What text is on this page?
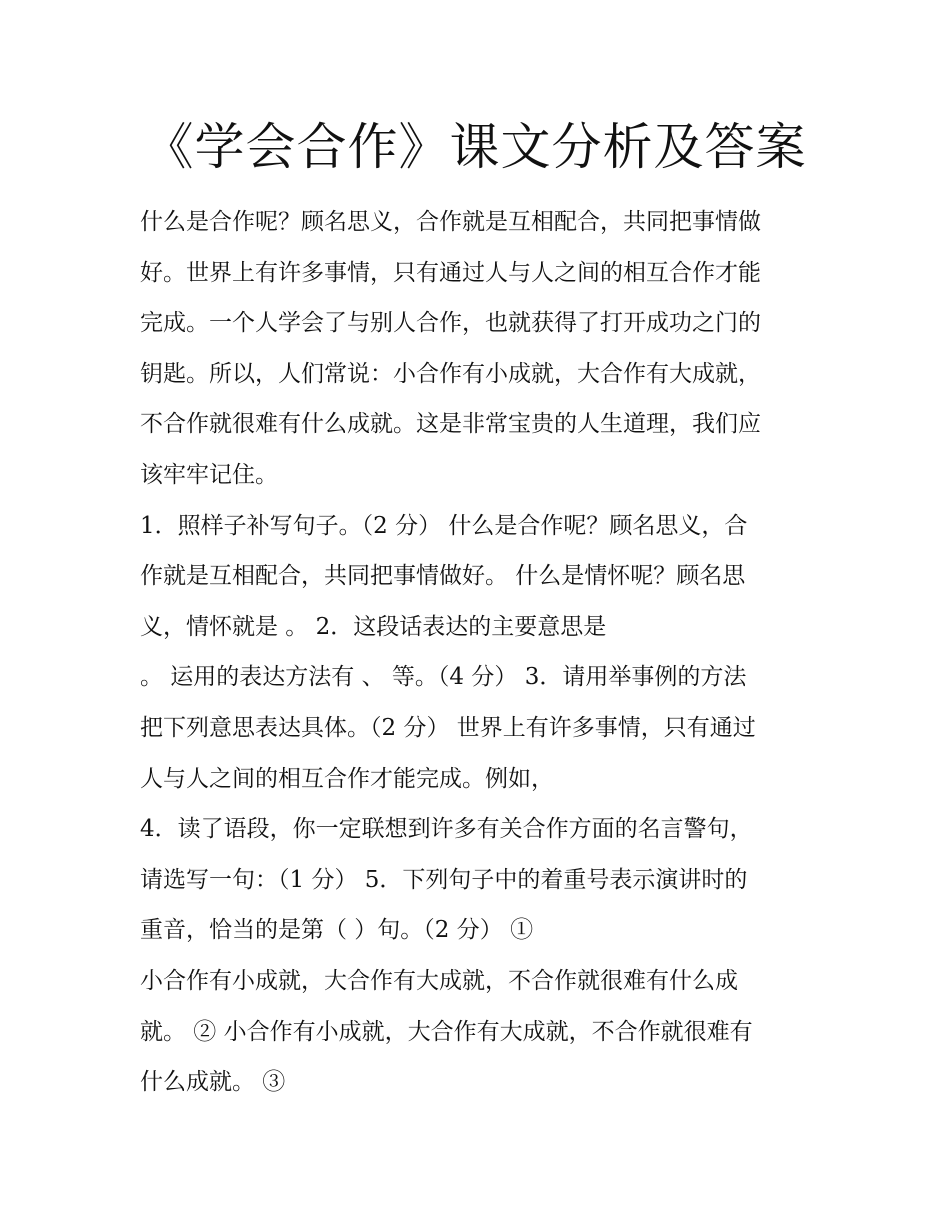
《学会合作》课文分析及答案
什么是合作呢？顾名思义，合作就是互相配合，共同把事情做
好。世界上有许多事情，只有通过人与人之间的相互合作才能
完成。一个人学会了与别人合作，也就获得了打开成功之门的
钥匙。所以，人们常说：小合作有小成就，大合作有大成就，
不合作就很难有什么成就。这是非常宝贵的人生道理，我们应
该牢牢记住。
1．照样子补写句子。（2 分） 什么是合作呢？顾名思义，合
作就是互相配合，共同把事情做好。 什么是情怀呢？顾名思
义，情怀就是 。 2．这段话表达的主要意思是
。 运用的表达方法有 、 等。（4 分） 3．请用举事例的方法
把下列意思表达具体。（2 分） 世界上有许多事情，只有通过
人与人之间的相互合作才能完成。例如，
4．读了语段，你一定联想到许多有关合作方面的名言警句，
请选写一句：（1 分） 5．下列句子中的着重号表示演讲时的
重音，恰当的是第（ ）句。（2 分） ①
小合作有小成就，大合作有大成就，不合作就很难有什么成
就。 ② 小合作有小成就，大合作有大成就，不合作就很难有
什么成就。 ③
